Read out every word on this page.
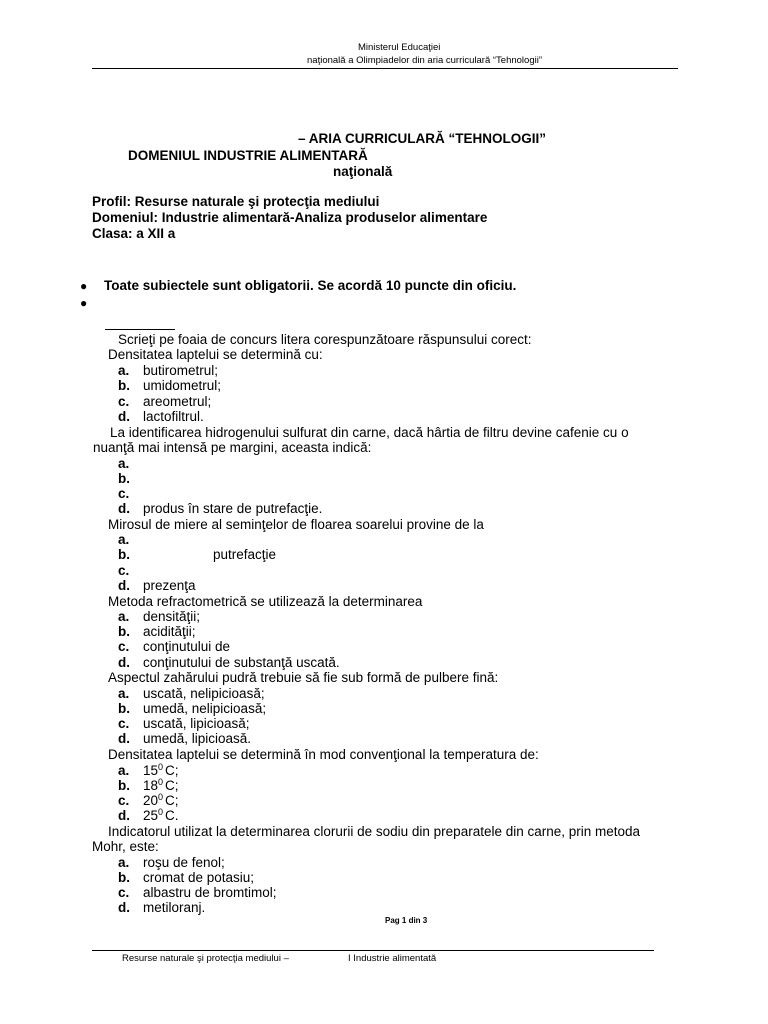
Ministerul Educaţiei
naţională a Olimpiadelor din aria curriculară “Tehnologii”
– ARIA CURRICULARĂ “TEHNOLOGII”
DOMENIUL INDUSTRIE ALIMENTARĂ
naţională
Profil: Resurse naturale şi protecţia mediului
Domeniul: Industrie alimentară-Analiza produselor alimentare
Clasa: a XII a
● Toate subiectele sunt obligatorii. Se acordă 10 puncte din oficiu.
●
Scrieţi pe foaia de concurs litera corespunzătoare răspunsului corect:
Densitatea laptelui se determină cu:
a. butirometrul;
b. umidometrul;
c. areometrul;
d. lactofiltrul.
La identificarea hidrogenului sulfurat din carne, dacă hârtia de filtru devine cafenie cu o
nuanţă mai intensă pe margini, aceasta indică:
a.
b.
c.
d. produs în stare de putrefacţie.
Mirosul de miere al seminţelor de floarea soarelui provine de la
a.
b.	putrefacţie
c.
d. prezenţa
Metoda refractometrică se utilizează la determinarea
a. densităţii;
b. acidităţii;
c. conţinutului de
d. conţinutului de substanţă uscată.
Aspectul zahărului pudră trebuie să fie sub formă de pulbere fină:
a. uscată, nelipicioasă;
b. umedă, nelipicioasă;
c. uscată, lipicioasă;
d. umedă, lipicioasă.
Densitatea laptelui se determină în mod convenţional la temperatura de:
a. $15^0$ C;
b. $18^0$ C;
c. $20^0$ C;
d. $25^0$ C.
Indicatorul utilizat la determinarea clorurii de sodiu din preparatele din carne, prin metoda
Mohr, este:
a. roşu de fenol;
b. cromat de potasiu;
c. albastru de bromtimol;
d. metiloranj.
Pag 1 din 3
Resurse naturale şi protecţia mediului –	I Industrie alimentată
